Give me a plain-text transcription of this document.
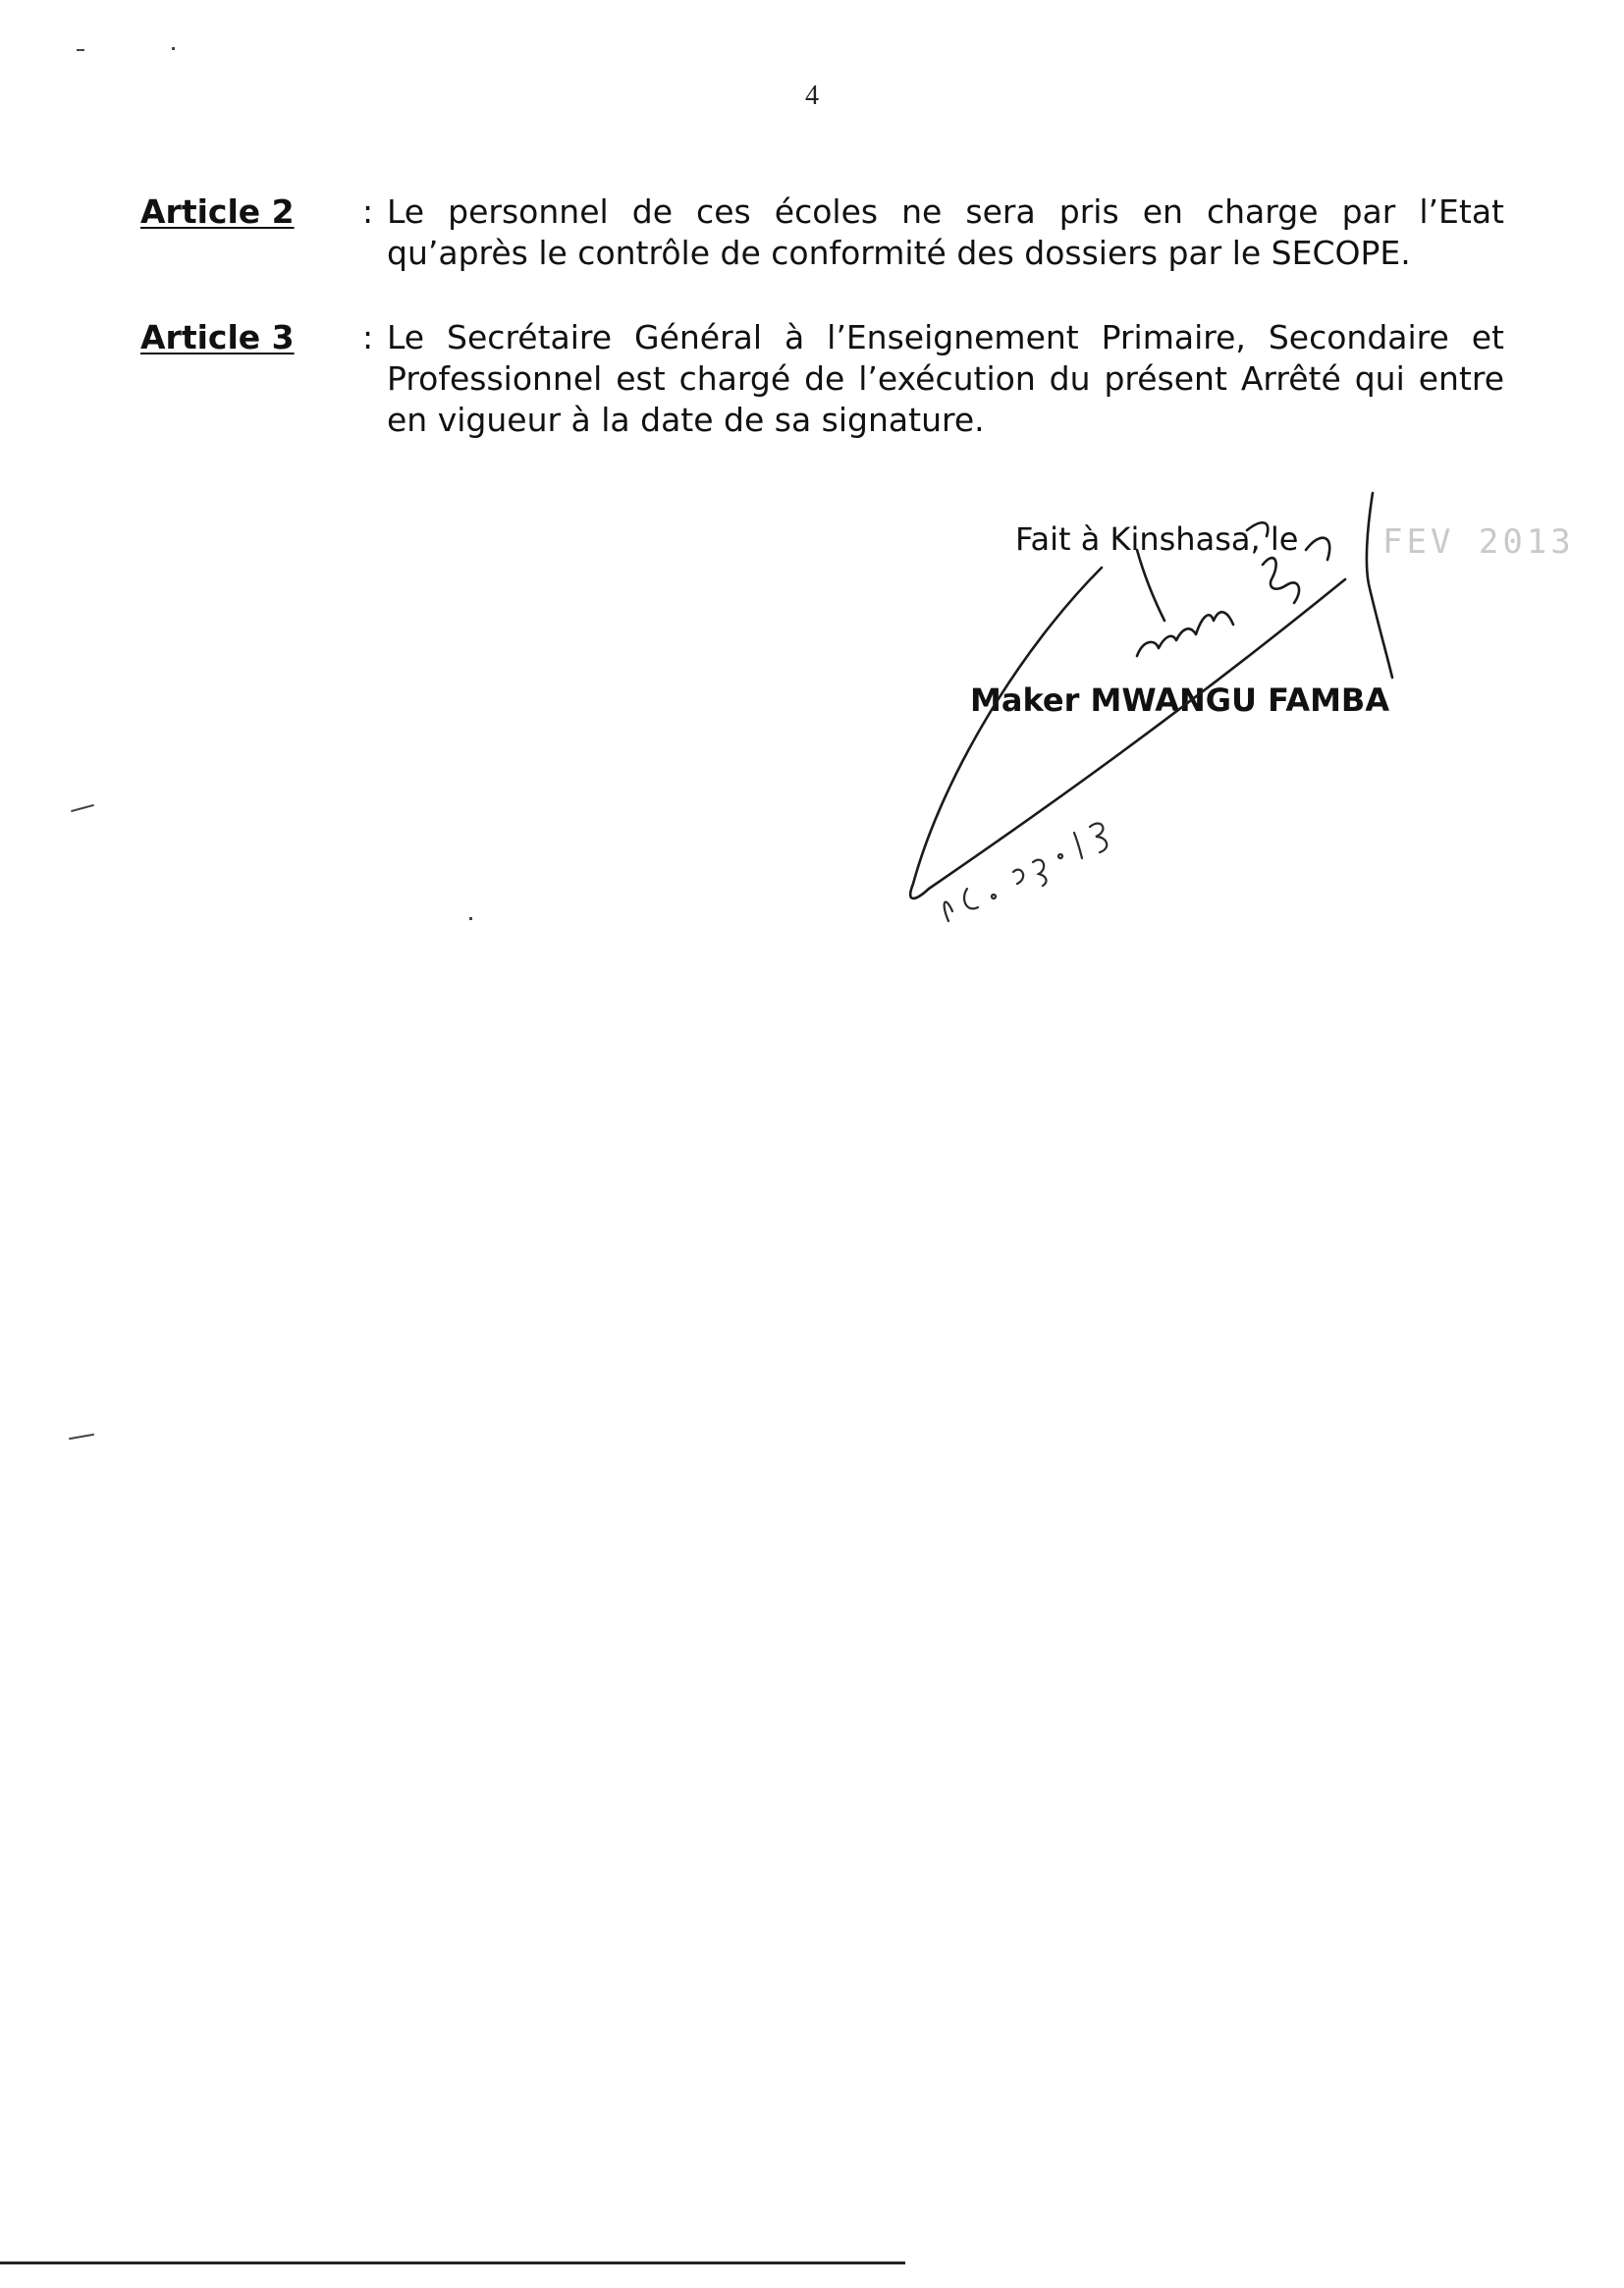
4
Article 2 : Le personnel de ces écoles ne sera pris en charge par l’Etat qu’après le contrôle de conformité des dossiers par le SECOPE.
Article 3 : Le Secrétaire Général à l’Enseignement Primaire, Secondaire et Professionnel est chargé de l’exécution du présent Arrêté qui entre en vigueur à la date de sa signature.
Fait à Kinshasa, le	FEV 2013
Maker MWANGU FAMBA
